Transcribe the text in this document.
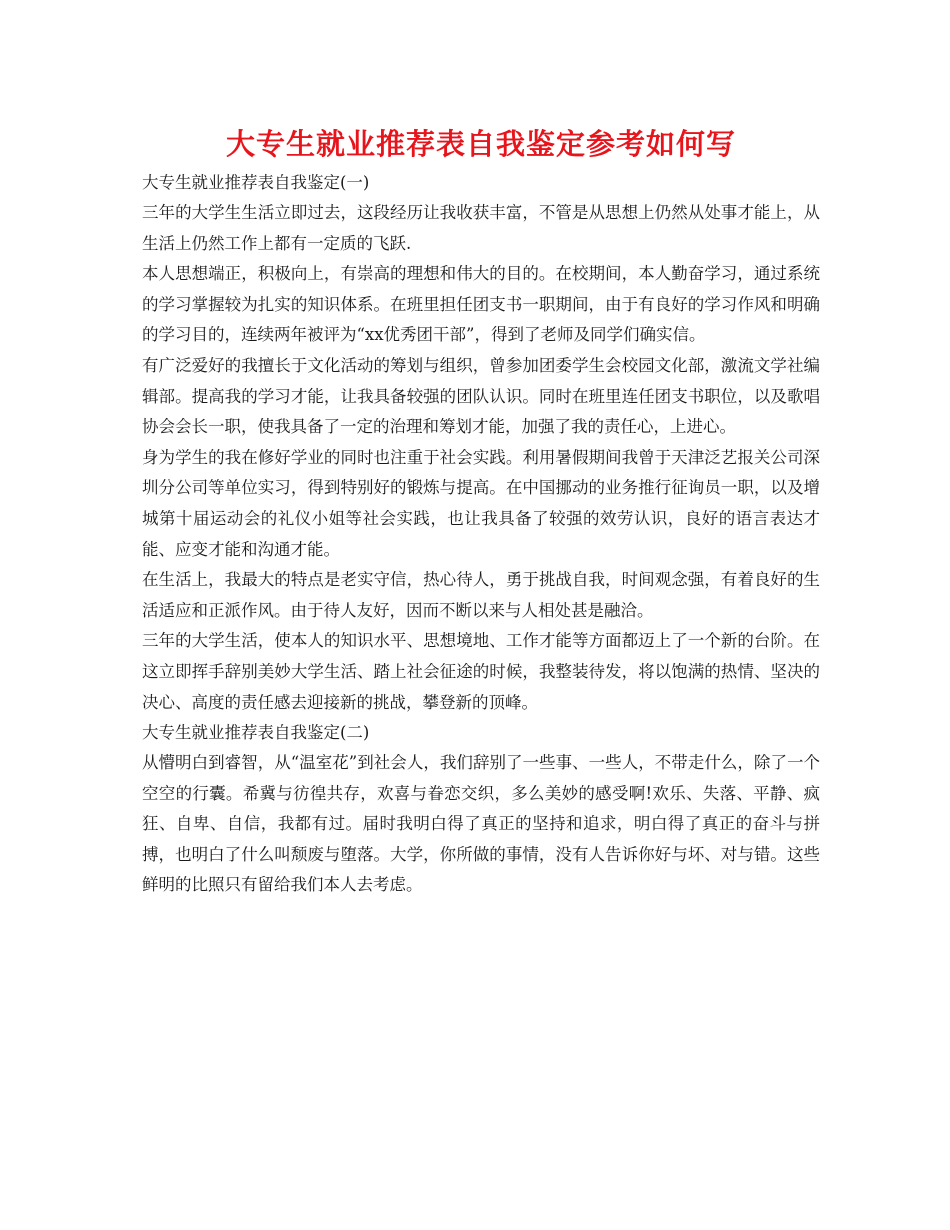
大专生就业推荐表自我鉴定参考如何写

大专生就业推荐表自我鉴定(一)

三年的大学生生活立即过去，这段经历让我收获丰富，不管是从思想上仍然从处事才能上，从生活上仍然工作上都有一定质的飞跃.

本人思想端正，积极向上，有崇高的理想和伟大的目的。在校期间，本人勤奋学习，通过系统的学习掌握较为扎实的知识体系。在班里担任团支书一职期间，由于有良好的学习作风和明确的学习目的，连续两年被评为“xx优秀团干部”，得到了老师及同学们确实信。

有广泛爱好的我擅长于文化活动的筹划与组织，曾参加团委学生会校园文化部，激流文学社编辑部。提高我的学习才能，让我具备较强的团队认识。同时在班里连任团支书职位，以及歌唱协会会长一职，使我具备了一定的治理和筹划才能，加强了我的责任心，上进心。

身为学生的我在修好学业的同时也注重于社会实践。利用暑假期间我曾于天津泛艺报关公司深圳分公司等单位实习，得到特别好的锻炼与提高。在中国挪动的业务推行征询员一职，以及增城第十届运动会的礼仪小姐等社会实践，也让我具备了较强的效劳认识，良好的语言表达才能、应变才能和沟通才能。

在生活上，我最大的特点是老实守信，热心待人，勇于挑战自我，时间观念强，有着良好的生活适应和正派作风。由于待人友好，因而不断以来与人相处甚是融洽。

三年的大学生活，使本人的知识水平、思想境地、工作才能等方面都迈上了一个新的台阶。在这立即挥手辞别美妙大学生活、踏上社会征途的时候，我整装待发，将以饱满的热情、坚决的决心、高度的责任感去迎接新的挑战，攀登新的顶峰。

大专生就业推荐表自我鉴定(二)

从懵明白到睿智，从“温室花”到社会人，我们辞别了一些事、一些人，不带走什么，除了一个空空的行囊。希冀与彷徨共存，欢喜与眷恋交织，多么美妙的感受啊!欢乐、失落、平静、疯狂、自卑、自信，我都有过。届时我明白得了真正的坚持和追求，明白得了真正的奋斗与拼搏，也明白了什么叫颓废与堕落。大学，你所做的事情，没有人告诉你好与坏、对与错。这些鲜明的比照只有留给我们本人去考虑。
